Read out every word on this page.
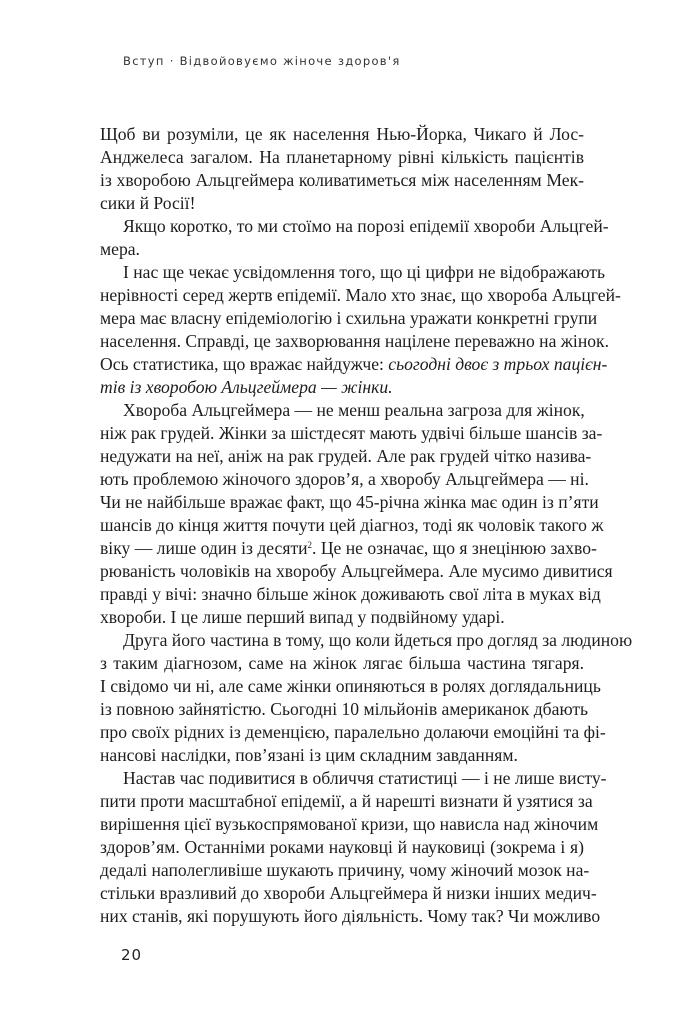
Вступ · Відвойовуємо жіноче здоров'я
Щоб ви розуміли, це як населення Нью-Йорка, Чикаго й Лос-
Анджелеса загалом. На планетарному рівні кількість пацієнтів
із хворобою Альцгеймера коливатиметься між населенням Мек-
сики й Росії!
Якщо коротко, то ми стоїмо на порозі епідемії хвороби Альцгей-
мера.
І нас ще чекає усвідомлення того, що ці цифри не відображають
нерівності серед жертв епідемії. Мало хто знає, що хвороба Альцгей-
мера має власну епідеміологію і схильна уражати конкретні групи
населення. Справді, це захворювання націлене переважно на жінок.
Ось статистика, що вражає найдужче: сьогодні двоє з трьох пацієн-
тів із хворобою Альцгеймера — жінки.
Хвороба Альцгеймера — не менш реальна загроза для жінок,
ніж рак грудей. Жінки за шістдесят мають удвічі більше шансів за-
недужати на неї, аніж на рак грудей. Але рак грудей чітко назива-
ють проблемою жіночого здоров’я, а хворобу Альцгеймера — ні.
Чи не найбільше вражає факт, що 45-річна жінка має один із п’яти
шансів до кінця життя почути цей діагноз, тоді як чоловік такого ж
віку — лише один із десяти$^2$. Це не означає, що я знецінюю захво-
рюваність чоловіків на хворобу Альцгеймера. Але мусимо дивитися
правді у вічі: значно більше жінок доживають свої літа в муках від
хвороби. І це лише перший випад у подвійному ударі.
Друга його частина в тому, що коли йдеться про догляд за людиною
з таким діагнозом, саме на жінок лягає більша частина тягаря.
І свідомо чи ні, але саме жінки опиняються в ролях доглядальниць
із повною зайнятістю. Сьогодні 10 мільйонів американок дбають
про своїх рідних із деменцією, паралельно долаючи емоційні та фі-
нансові наслідки, пов’язані із цим складним завданням.
Настав час подивитися в обличчя статистиці — і не лише висту-
пити проти масштабної епідемії, а й нарешті визнати й узятися за
вирішення цієї вузькоспрямованої кризи, що нависла над жіночим
здоров’ям. Останніми роками науковці й науковиці (зокрема і я)
дедалі наполегливіше шукають причину, чому жіночий мозок на-
стільки вразливий до хвороби Альцгеймера й низки інших медич-
них станів, які порушують його діяльність. Чому так? Чи можливо
20
